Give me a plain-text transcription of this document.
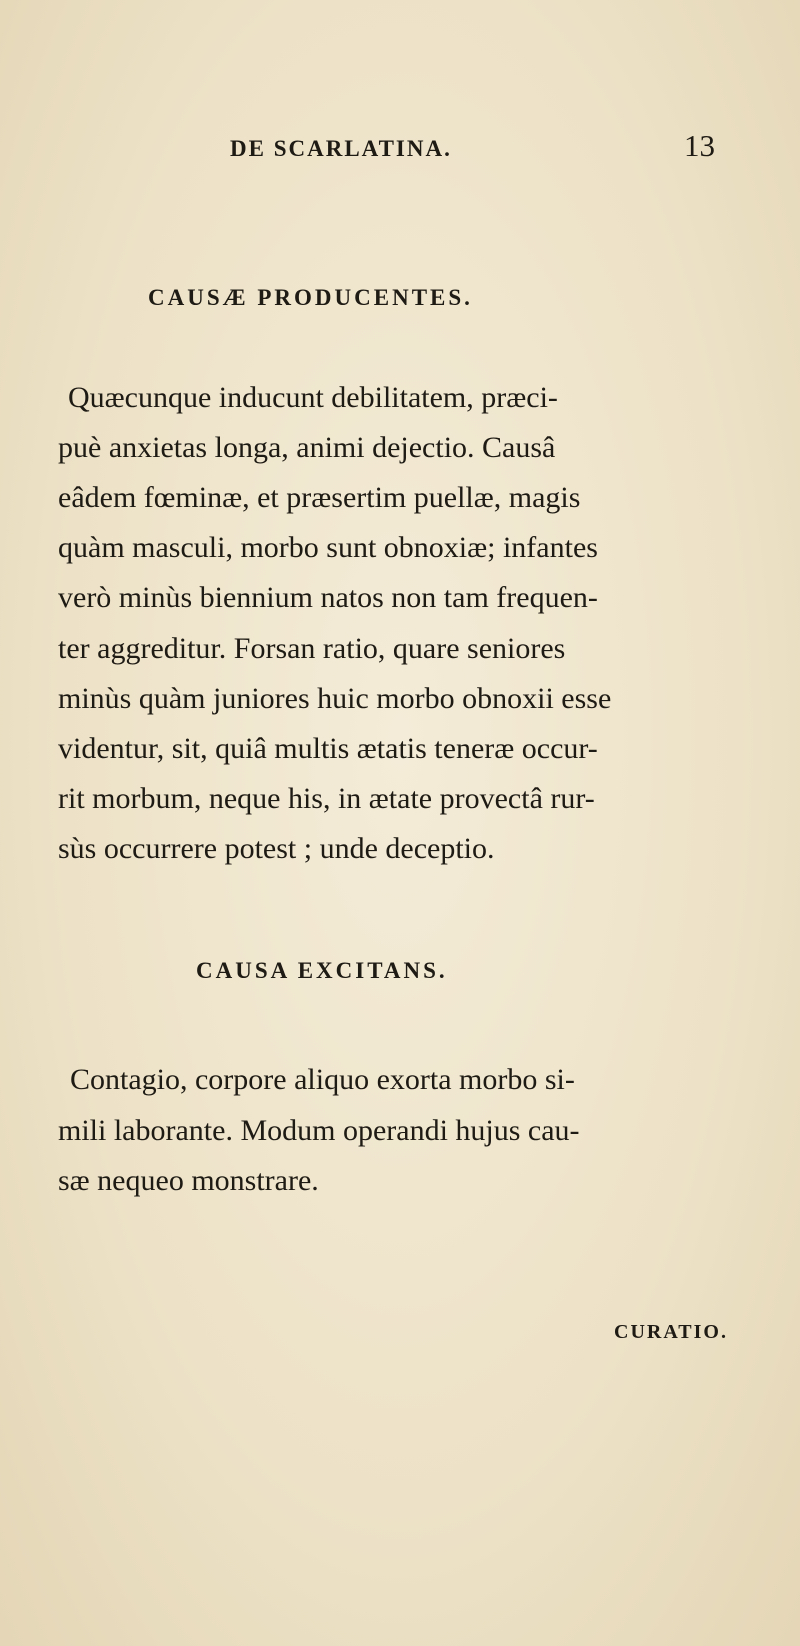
DE SCARLATINA.	13
CAUSÆ PRODUCENTES.
Quæcunque inducunt debilitatem, præci-
puè anxietas longa, animi dejectio. Causâ
eâdem fœminæ, et præsertim puellæ, magis
quàm masculi, morbo sunt obnoxiæ; infantes
verò minùs biennium natos non tam frequen-
ter aggreditur. Forsan ratio, quare seniores
minùs quàm juniores huic morbo obnoxii esse
videntur, sit, quiâ multis ætatis teneræ occur-
rit morbum, neque his, in ætate provectâ rur-
sùs occurrere potest ; unde deceptio.
CAUSA EXCITANS.
Contagio, corpore aliquo exorta morbo si-
mili laborante. Modum operandi hujus cau-
sæ nequeo monstrare.
CURATIO.
